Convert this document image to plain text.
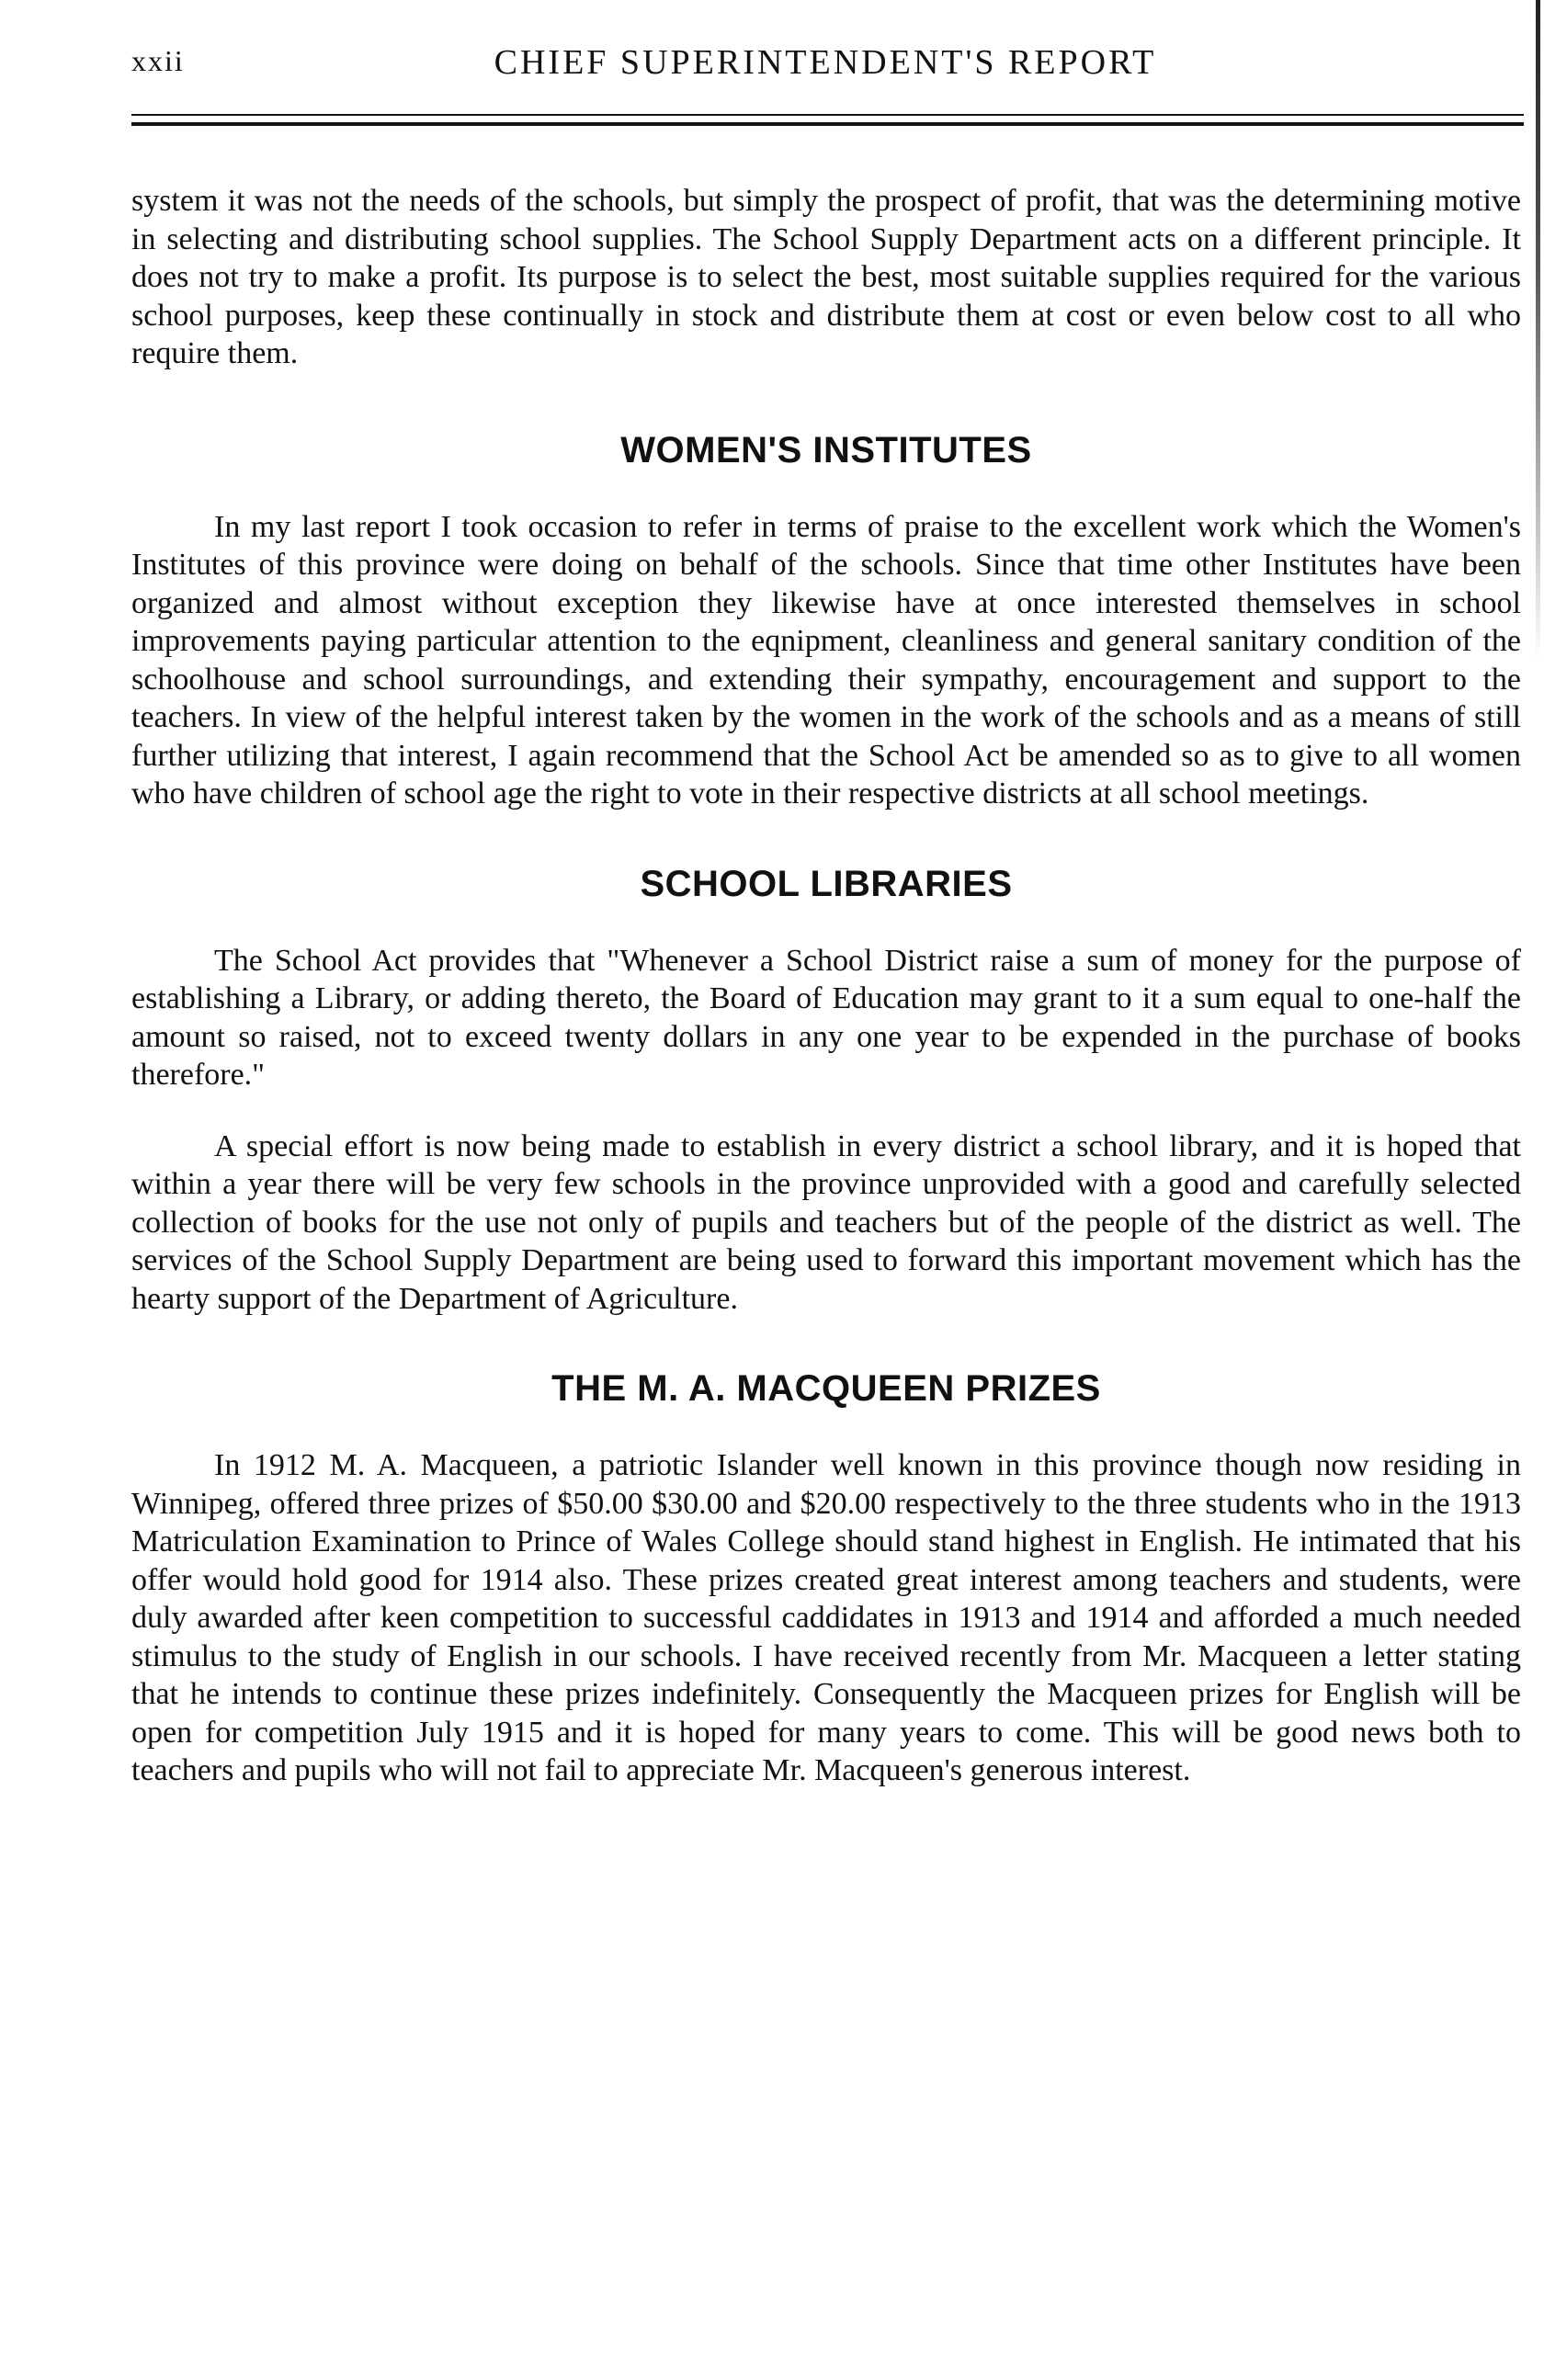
xxii	CHIEF SUPERINTENDENT'S REPORT

system it was not the needs of the schools, but simply the prospect of profit, that was the determining motive in selecting and distributing school supplies. The School Supply Department acts on a different principle. It does not try to make a profit. Its purpose is to select the best, most suitable supplies required for the various school purposes, keep these continually in stock and distribute them at cost or even below cost to all who require them.

WOMEN'S INSTITUTES

In my last report I took occasion to refer in terms of praise to the excellent work which the Women's Institutes of this province were doing on behalf of the schools. Since that time other Institutes have been organized and almost without exception they likewise have at once interested themselves in school improvements paying particular attention to the eqnipment, cleanliness and general sanitary condition of the schoolhouse and school surroundings, and extending their sympathy, encouragement and support to the teachers. In view of the helpful interest taken by the women in the work of the schools and as a means of still further utilizing that interest, I again recommend that the School Act be amended so as to give to all women who have children of school age the right to vote in their respective districts at all school meetings.

SCHOOL LIBRARIES

The School Act provides that "Whenever a School District raise a sum of money for the purpose of establishing a Library, or adding thereto, the Board of Education may grant to it a sum equal to one-half the amount so raised, not to exceed twenty dollars in any one year to be expended in the purchase of books therefore."

A special effort is now being made to establish in every district a school library, and it is hoped that within a year there will be very few schools in the province unprovided with a good and carefully selected collection of books for the use not only of pupils and teachers but of the people of the district as well. The services of the School Supply Department are being used to forward this important movement which has the hearty support of the Department of Agriculture.

THE M. A. MACQUEEN PRIZES

In 1912 M. A. Macqueen, a patriotic Islander well known in this province though now residing in Winnipeg, offered three prizes of $50.00 $30.00 and $20.00 respectively to the three students who in the 1913 Matriculation Examination to Prince of Wales College should stand highest in English. He intimated that his offer would hold good for 1914 also. These prizes created great interest among teachers and students, were duly awarded after keen competition to successful caddidates in 1913 and 1914 and afforded a much needed stimulus to the study of English in our schools. I have received recently from Mr. Macqueen a letter stating that he intends to continue these prizes indefinitely. Consequently the Macqueen prizes for English will be open for competition July 1915 and it is hoped for many years to come. This will be good news both to teachers and pupils who will not fail to appreciate Mr. Macqueen's generous interest.
